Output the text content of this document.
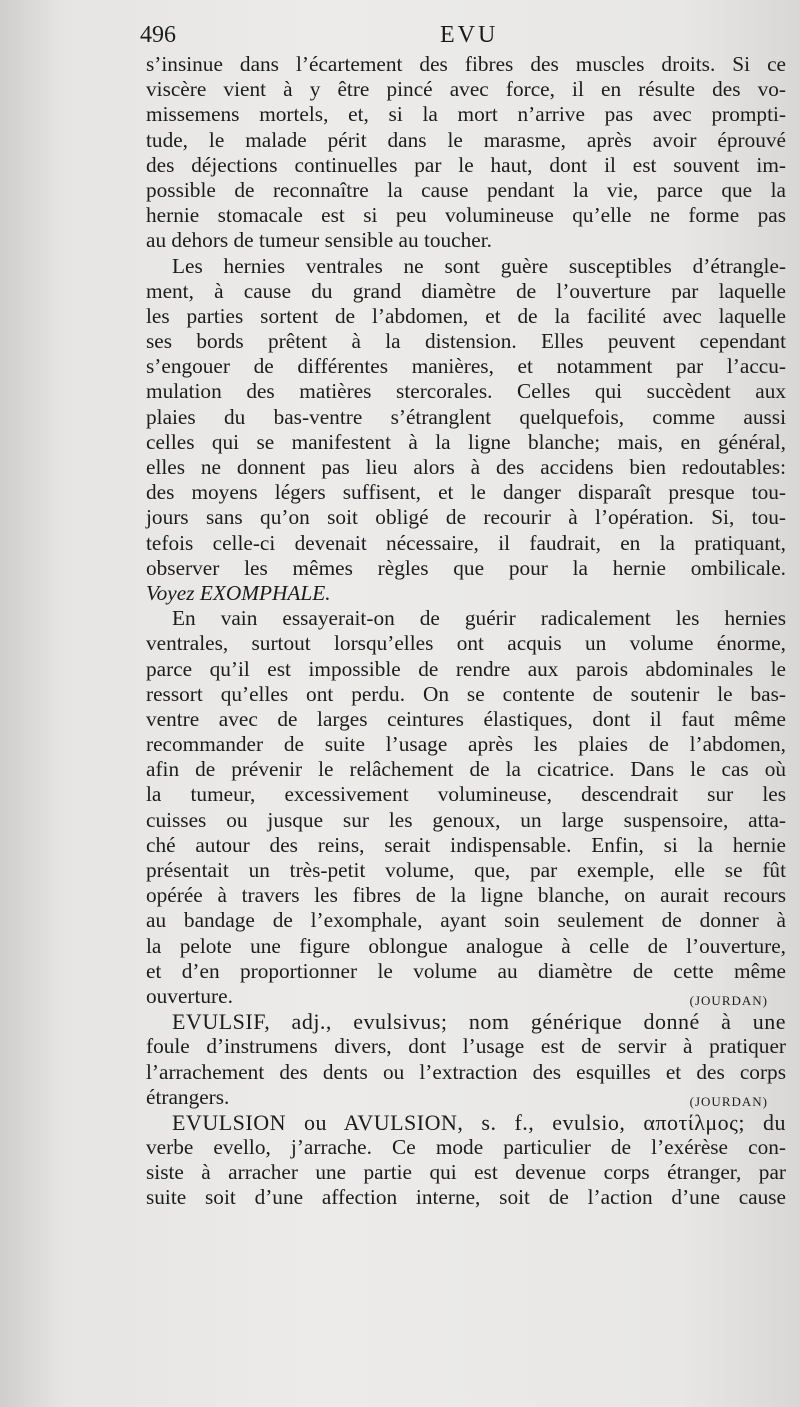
496	EVU
s’insinue dans l’écartement des fibres des muscles droits. Si ce
viscère vient à y être pincé avec force, il en résulte des vo-
missemens mortels, et, si la mort n’arrive pas avec prompti-
tude, le malade périt dans le marasme, après avoir éprouvé
des déjections continuelles par le haut, dont il est souvent im-
possible de reconnaître la cause pendant la vie, parce que la
hernie stomacale est si peu volumineuse qu’elle ne forme pas
au dehors de tumeur sensible au toucher.
Les hernies ventrales ne sont guère susceptibles d’étrangle-
ment, à cause du grand diamètre de l’ouverture par laquelle
les parties sortent de l’abdomen, et de la facilité avec laquelle
ses bords prêtent à la distension. Elles peuvent cependant
s’engouer de différentes manières, et notamment par l’accu-
mulation des matières stercorales. Celles qui succèdent aux
plaies du bas-ventre s’étranglent quelquefois, comme aussi
celles qui se manifestent à la ligne blanche; mais, en général,
elles ne donnent pas lieu alors à des accidens bien redoutables:
des moyens légers suffisent, et le danger disparaît presque tou-
jours sans qu’on soit obligé de recourir à l’opération. Si, tou-
tefois celle-ci devenait nécessaire, il faudrait, en la pratiquant,
observer les mêmes règles que pour la hernie ombilicale.
Voyez EXOMPHALE.
En vain essayerait-on de guérir radicalement les hernies
ventrales, surtout lorsqu’elles ont acquis un volume énorme,
parce qu’il est impossible de rendre aux parois abdominales le
ressort qu’elles ont perdu. On se contente de soutenir le bas-
ventre avec de larges ceintures élastiques, dont il faut même
recommander de suite l’usage après les plaies de l’abdomen,
afin de prévenir le relâchement de la cicatrice. Dans le cas où
la tumeur, excessivement volumineuse, descendrait sur les
cuisses ou jusque sur les genoux, un large suspensoire, atta-
ché autour des reins, serait indispensable. Enfin, si la hernie
présentait un très-petit volume, que, par exemple, elle se fût
opérée à travers les fibres de la ligne blanche, on aurait recours
au bandage de l’exomphale, ayant soin seulement de donner à
la pelote une figure oblongue analogue à celle de l’ouverture,
et d’en proportionner le volume au diamètre de cette même
ouverture.	(JOURDAN)
EVULSIF, adj., evulsivus; nom générique donné à une
foule d’instrumens divers, dont l’usage est de servir à pratiquer
l’arrachement des dents ou l’extraction des esquilles et des corps
étrangers.	(JOURDAN)
EVULSION ou AVULSION, s. f., evulsio, αποτίλμος; du
verbe evello, j’arrache. Ce mode particulier de l’exérèse con-
siste à arracher une partie qui est devenue corps étranger, par
suite soit d’une affection interne, soit de l’action d’une cause
